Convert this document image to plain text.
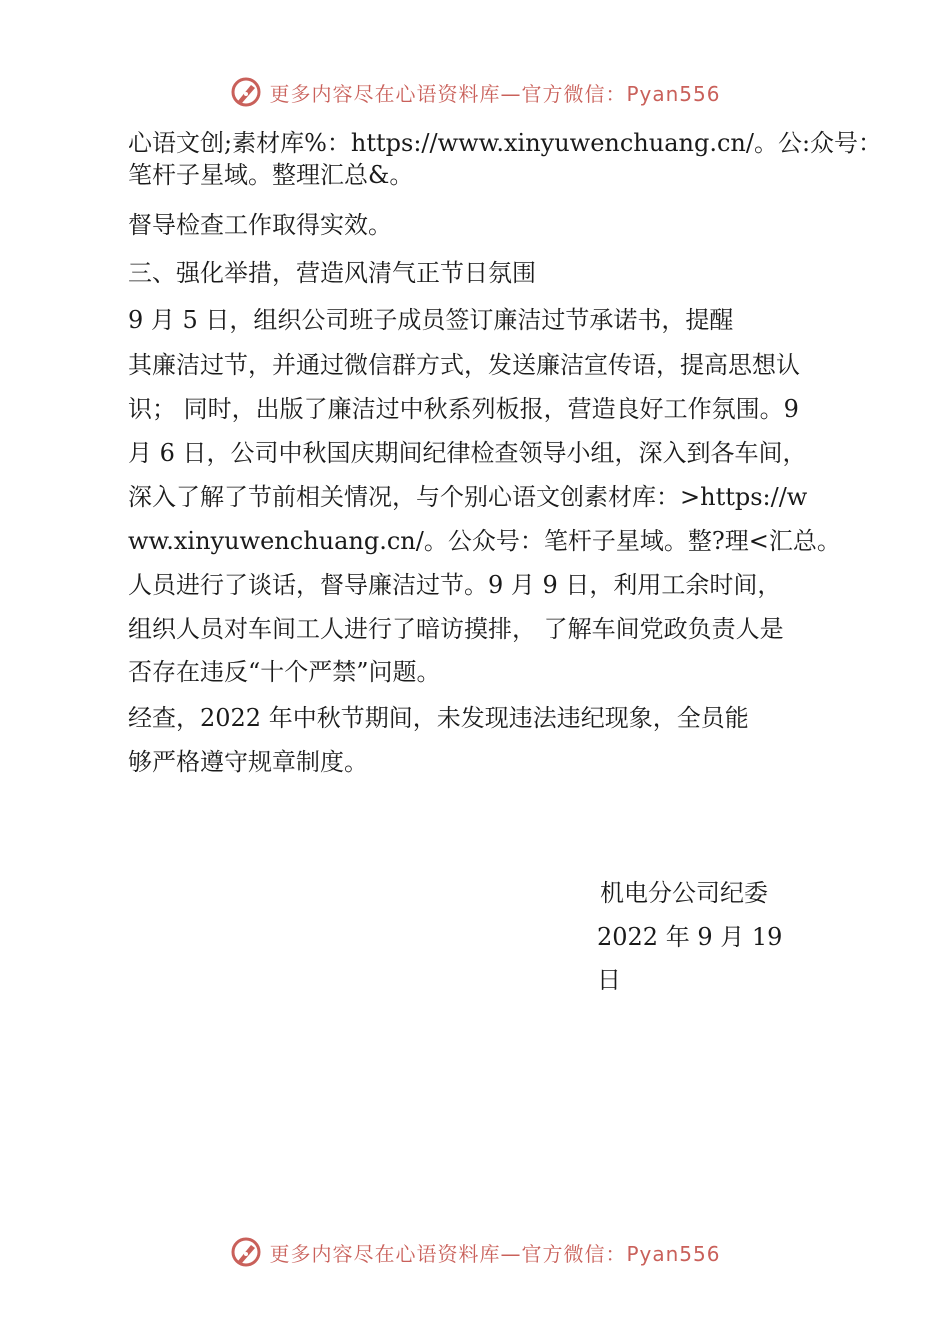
更多内容尽在心语资料库—官方微信：Pyan556
心语文创;素材库%：https://www.xinyuwenchuang.cn/。公:众号：
笔杆子星域。整理汇总&。
督导检查工作取得实效。
三、强化举措，营造风清气正节日氛围
9 月 5 日，组织公司班子成员签订廉洁过节承诺书，提醒
其廉洁过节，并通过微信群方式，发送廉洁宣传语，提高思想认
识； 同时，出版了廉洁过中秋系列板报，营造良好工作氛围。9
月 6 日，公司中秋国庆期间纪律检查领导小组，深入到各车间，
深入了解了节前相关情况，与个别心语文创素材库：>https://w
ww.xinyuwenchuang.cn/。公众号：笔杆子星域。整?理<汇总。
人员进行了谈话，督导廉洁过节。9 月 9 日，利用工余时间，
组织人员对车间工人进行了暗访摸排， 了解车间党政负责人是
否存在违反“十个严禁”问题。
经查，2022 年中秋节期间，未发现违法违纪现象，全员能
够严格遵守规章制度。
机电分公司纪委
2022 年 9 月 19
日
更多内容尽在心语资料库—官方微信：Pyan556
